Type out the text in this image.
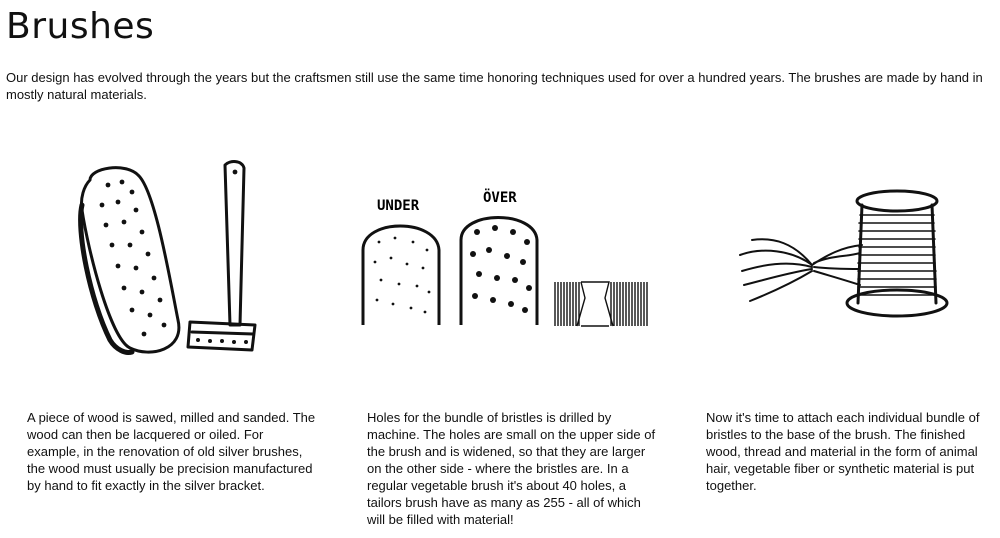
Brushes

Our design has evolved through the years but the craftsmen still use the same time honoring techniques used for over a hundred years. The brushes are made by hand in mostly natural materials.

UNDER	ÖVER

A piece of wood is sawed, milled and sanded. The wood can then be lacquered or oiled. For example, in the renovation of old silver brushes, the wood must usually be precision manufactured by hand to fit exactly in the silver bracket.

Holes for the bundle of bristles is drilled by machine. The holes are small on the upper side of the brush and is widened, so that they are larger on the other side - where the bristles are. In a regular vegetable brush it's about 40 holes, a tailors brush have as many as 255 - all of which will be filled with material!

Now it's time to attach each individual bundle of bristles to the base of the brush. The finished wood, thread and material in the form of animal hair, vegetable fiber or synthetic material is put together.
